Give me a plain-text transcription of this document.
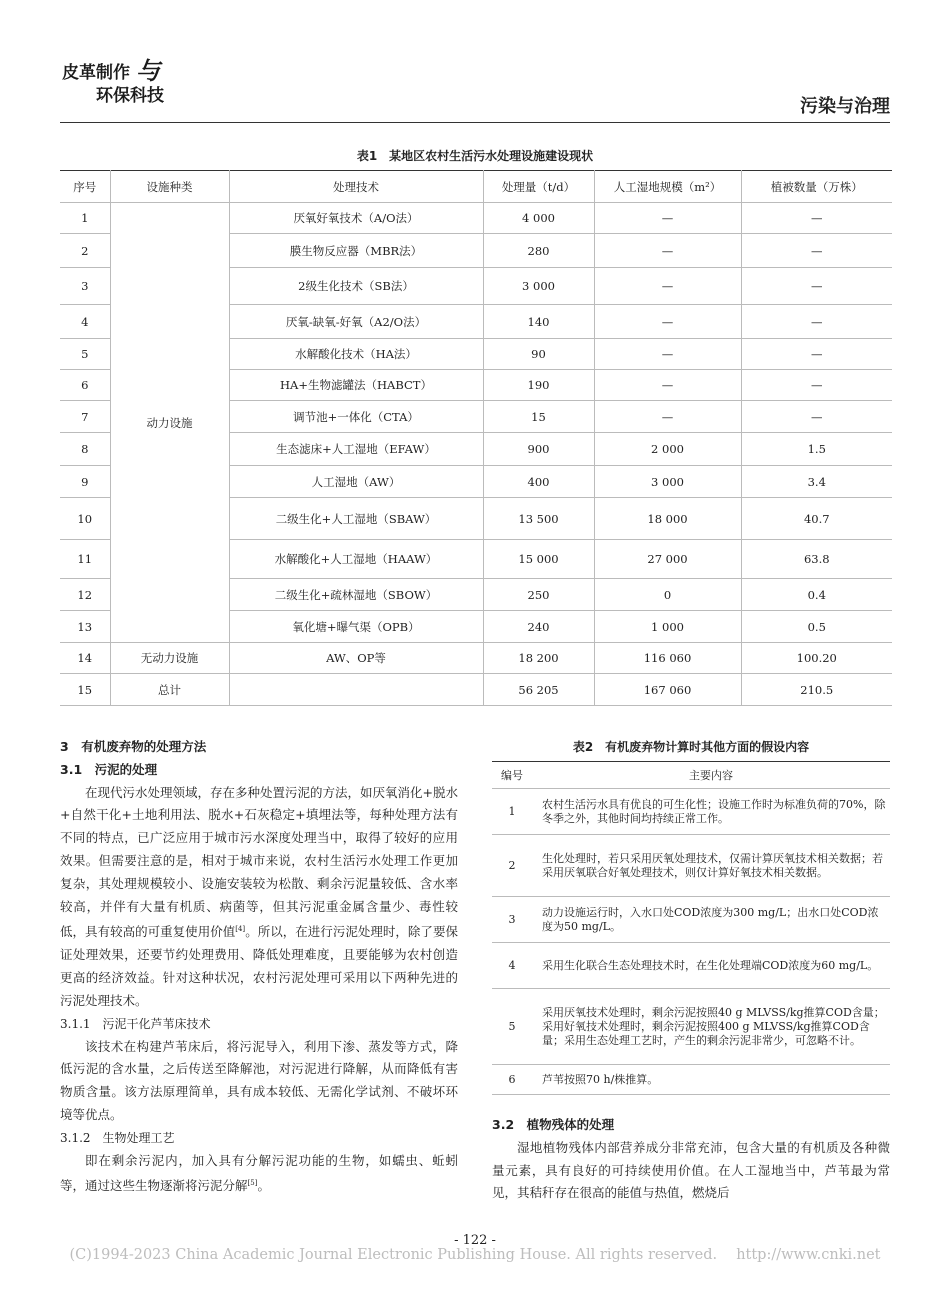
皮革制作 与
环保科技	污染与治理
表1　某地区农村生活污水处理设施建设现状
序号	设施种类	处理技术	处理量（t/d）	人工湿地规模（m²）	植被数量（万株）
1	动力设施	厌氧好氧技术（A/O法）	4 000	—	—
2		膜生物反应器（MBR法）	280	—	—
3		2级生化技术（SB法）	3 000	—	—
4		厌氧-缺氧-好氧（A2/O法）	140	—	—
5		水解酸化技术（HA法）	90	—	—
6		HA+生物滤罐法（HABCT）	190	—	—
7		调节池+一体化（CTA）	15	—	—
8		生态滤床+人工湿地（EFAW）	900	2 000	1.5
9		人工湿地（AW）	400	3 000	3.4
10		二级生化+人工湿地（SBAW）	13 500	18 000	40.7
11		水解酸化+人工湿地（HAAW）	15 000	27 000	63.8
12		二级生化+疏林湿地（SBOW）	250	0	0.4
13		氧化塘+曝气渠（OPB）	240	1 000	0.5
14	无动力设施	AW、OP等	18 200	116 060	100.20
15	总计		56 205	167 060	210.5
3　有机废弃物的处理方法
3.1　污泥的处理

在现代污水处理领域，存在多种处置污泥的方法，如厌氧消化+脱水+自然干化+土地利用法、脱水+石灰稳定+填埋法等，每种处理方法有不同的特点，已广泛应用于城市污水深度处理当中，取得了较好的应用效果。但需要注意的是，相对于城市来说，农村生活污水处理工作更加复杂，其处理规模较小、设施安装较为松散、剩余污泥量较低、含水率较高，并伴有大量有机质、病菌等，但其污泥重金属含量少、毒性较低，具有较高的可重复使用价值[4]。所以，在进行污泥处理时，除了要保证处理效果，还要节约处理费用、降低处理难度，且要能够为农村创造更高的经济效益。针对这种状况，农村污泥处理可采用以下两种先进的污泥处理技术。

3.1.1　污泥干化芦苇床技术

该技术在构建芦苇床后，将污泥导入，利用下渗、蒸发等方式，降低污泥的含水量，之后传送至降解池，对污泥进行降解，从而降低有害物质含量。该方法原理简单，具有成本较低、无需化学试剂、不破坏环境等优点。

3.1.2　生物处理工艺

即在剩余污泥内，加入具有分解污泥功能的生物，如蠕虫、蚯蚓等，通过这些生物逐渐将污泥分解[5]。

表2　有机废弃物计算时其他方面的假设内容
编号	主要内容
1	农村生活污水具有优良的可生化性；设施工作时为标准负荷的70%，除冬季之外，其他时间均持续正常工作。
2	生化处理时，若只采用厌氧处理技术，仅需计算厌氧技术相关数据；若采用厌氧联合好氧处理技术，则仅计算好氧技术相关数据。
3	动力设施运行时，入水口处COD浓度为300 mg/L；出水口处COD浓度为50 mg/L。
4	采用生化联合生态处理技术时，在生化处理端COD浓度为60 mg/L。
5	采用厌氧技术处理时，剩余污泥按照40 g MLVSS/kg推算COD含量；采用好氧技术处理时，剩余污泥按照400 g MLVSS/kg推算COD含量；采用生态处理工艺时，产生的剩余污泥非常少，可忽略不计。
6	芦苇按照70 h/株推算。
3.2　植物残体的处理

湿地植物残体内部营养成分非常充沛，包含大量的有机质及各种微量元素，具有良好的可持续使用价值。在人工湿地当中，芦苇最为常见，其秸秆存在很高的能值与热值，燃烧后

- 122 -
(C)1994-2023 China Academic Journal Electronic Publishing House. All rights reserved.　 http://www.cnki.net
